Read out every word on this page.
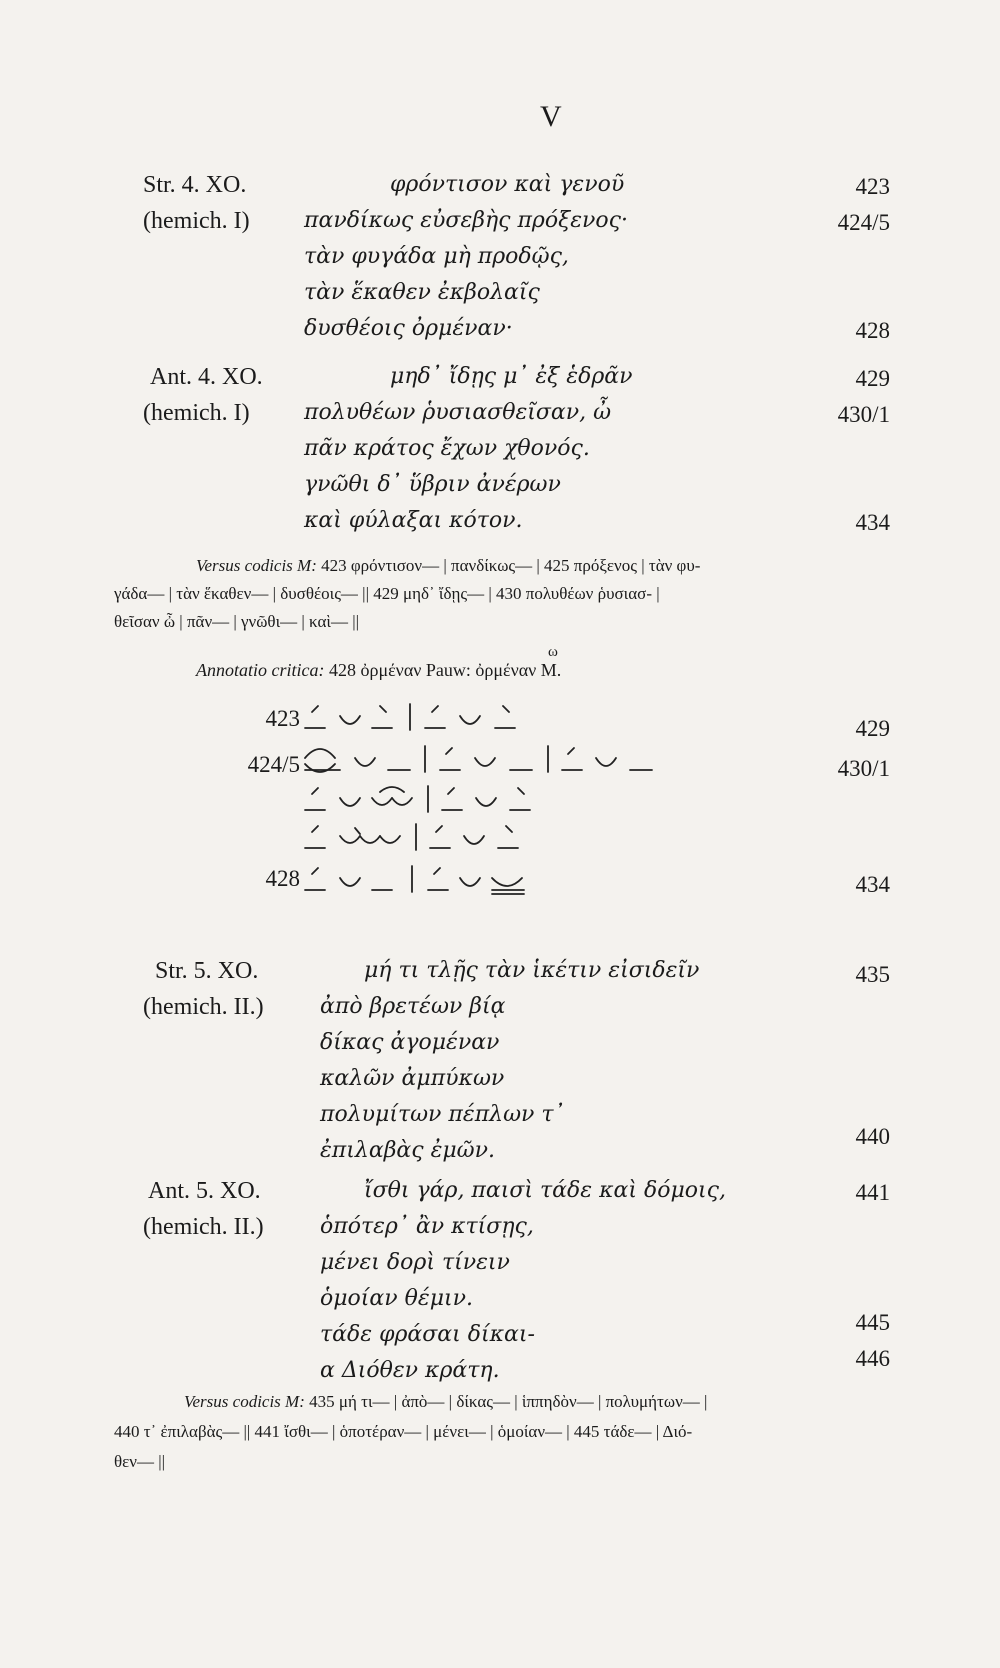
V
Str. 4. XO.
(hemich. I)
φρόντισον καὶ γενοῦ
πανδίκως εὐσεβὴς πρόξενος·
τὰν φυγάδα μὴ προδῷς,
τὰν ἕκαθεν ἐκβολαῖς
δυσθέοις ὀρμέναν·
423
424/5
428
Ant. 4. XO.
(hemich. I)
μηδ᾽ ἴδῃς μ᾽ ἐξ ἑδρᾶν
πολυθέων ῥυσιασθεῖσαν, ὦ
πᾶν κράτος ἔχων χθονός.
γνῶθι δ᾽ ὕβριν ἀνέρων
καὶ φύλαξαι κότον.
429
430/1
434
Versus codicis M: 423 φρόντισον— | πανδίκως— | 425 πρόξενος | τὰν φυ-
γάδα— | τὰν ἕκαθεν— | δυσθέοις— || 429 μηδ᾽ ἴδῃς— | 430 πολυθέων ῥυσιασ- |
θεῖσαν ὦ | πᾶν— | γνῶθι— | καὶ— ||
ω
Annotatio critica: 428 ὀρμέναν Pauw: ὀρμέναν M.
423
424/5
428
429
430/1
434
Str. 5. XO.
(hemich. II.)
μή τι τλῇς τὰν ἱκέτιν εἰσιδεῖν
ἀπὸ βρετέων βίᾳ
δίκας ἀγομέναν
καλῶν ἀμπύκων
πολυμίτων πέπλων τ᾽
ἐπιλαβὰς ἐμῶν.
435
440
Ant. 5. XO.
(hemich. II.)
ἴσθι γάρ, παισὶ τάδε καὶ δόμοις,
ὁπότερ᾽ ἂν κτίσῃς,
μένει δορὶ τίνειν
ὁμοίαν θέμιν.
τάδε φράσαι δίκαι-
α Διόθεν κράτη.
441
445
446
Versus codicis M: 435 μή τι— | ἀπὸ— | δίκας— | ἱππηδὸν— | πολυμήτων— |
440 τ᾽ ἐπιλαβὰς— || 441 ἴσθι— | ὁποτέραν— | μένει— | ὁμοίαν— | 445 τάδε— | Διό-
θεν— ||
